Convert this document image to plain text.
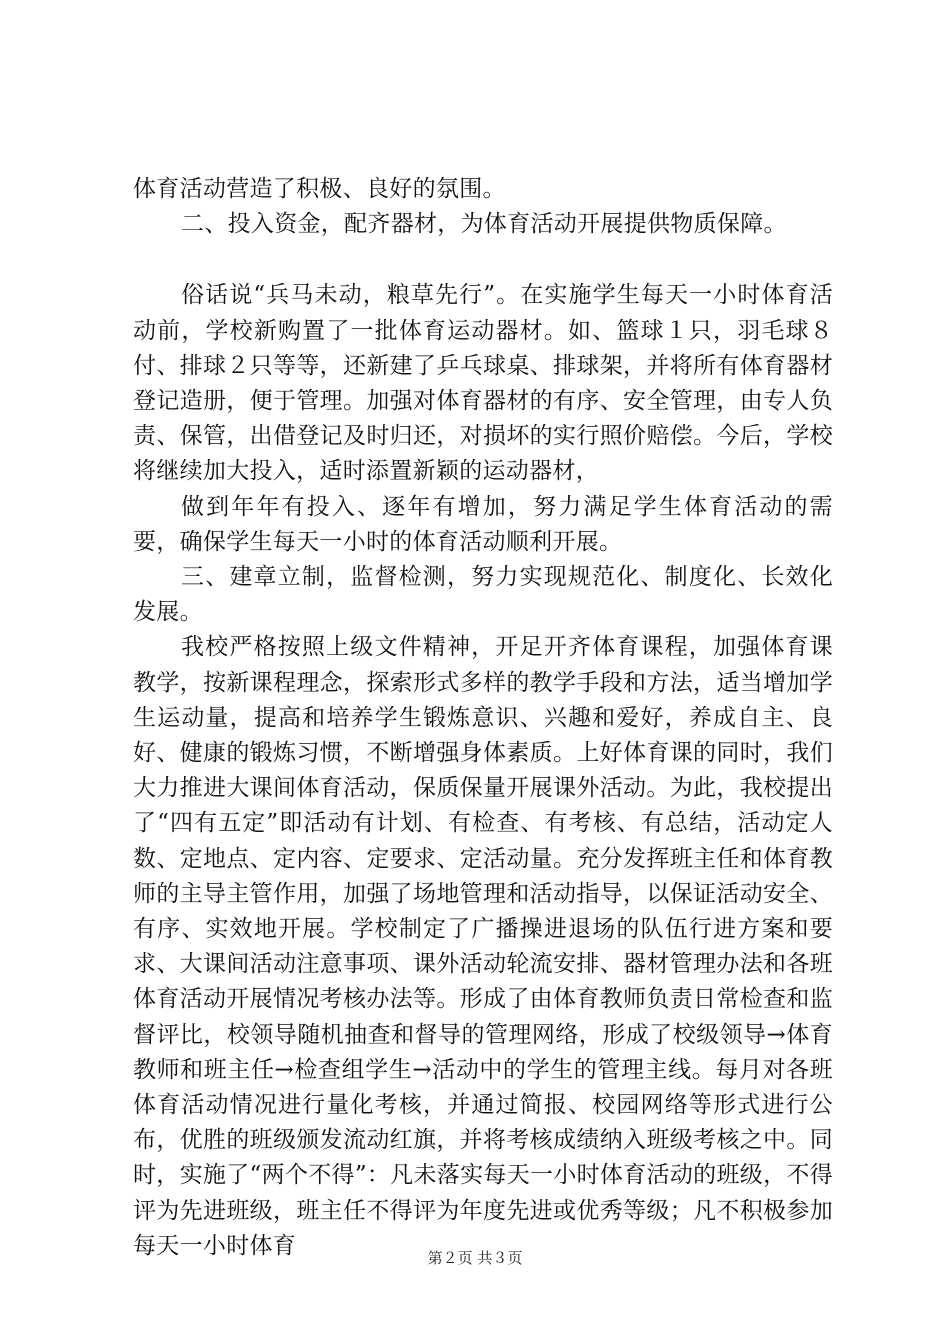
体育活动营造了积极、良好的氛围。

二、投入资金，配齐器材，为体育活动开展提供物质保障。

俗话说“兵马未动，粮草先行”。在实施学生每天一小时体育活动前，学校新购置了一批体育运动器材。如、篮球１只，羽毛球８付、排球２只等等，还新建了乒乓球桌、排球架，并将所有体育器材登记造册，便于管理。加强对体育器材的有序、安全管理，由专人负责、保管，出借登记及时归还，对损坏的实行照价赔偿。今后，学校将继续加大投入，适时添置新颖的运动器材，

做到年年有投入、逐年有增加，努力满足学生体育活动的需要，确保学生每天一小时的体育活动顺利开展。

三、建章立制，监督检测，努力实现规范化、制度化、长效化发展。

我校严格按照上级文件精神，开足开齐体育课程，加强体育课教学，按新课程理念，探索形式多样的教学手段和方法，适当增加学生运动量，提高和培养学生锻炼意识、兴趣和爱好，养成自主、良好、健康的锻炼习惯，不断增强身体素质。上好体育课的同时，我们大力推进大课间体育活动，保质保量开展课外活动。为此，我校提出了“四有五定”即活动有计划、有检查、有考核、有总结，活动定人数、定地点、定内容、定要求、定活动量。充分发挥班主任和体育教师的主导主管作用，加强了场地管理和活动指导，以保证活动安全、有序、实效地开展。学校制定了广播操进退场的队伍行进方案和要求、大课间活动注意事项、课外活动轮流安排、器材管理办法和各班体育活动开展情况考核办法等。形成了由体育教师负责日常检查和监督评比，校领导随机抽查和督导的管理网络，形成了校级领导→体育教师和班主任→检查组学生→活动中的学生的管理主线。每月对各班体育活动情况进行量化考核，并通过简报、校园网络等形式进行公布，优胜的班级颁发流动红旗，并将考核成绩纳入班级考核之中。同时，实施了“两个不得”：凡未落实每天一小时体育活动的班级，不得评为先进班级，班主任不得评为年度先进或优秀等级；凡不积极参加每天一小时体育	第２页 共３页
